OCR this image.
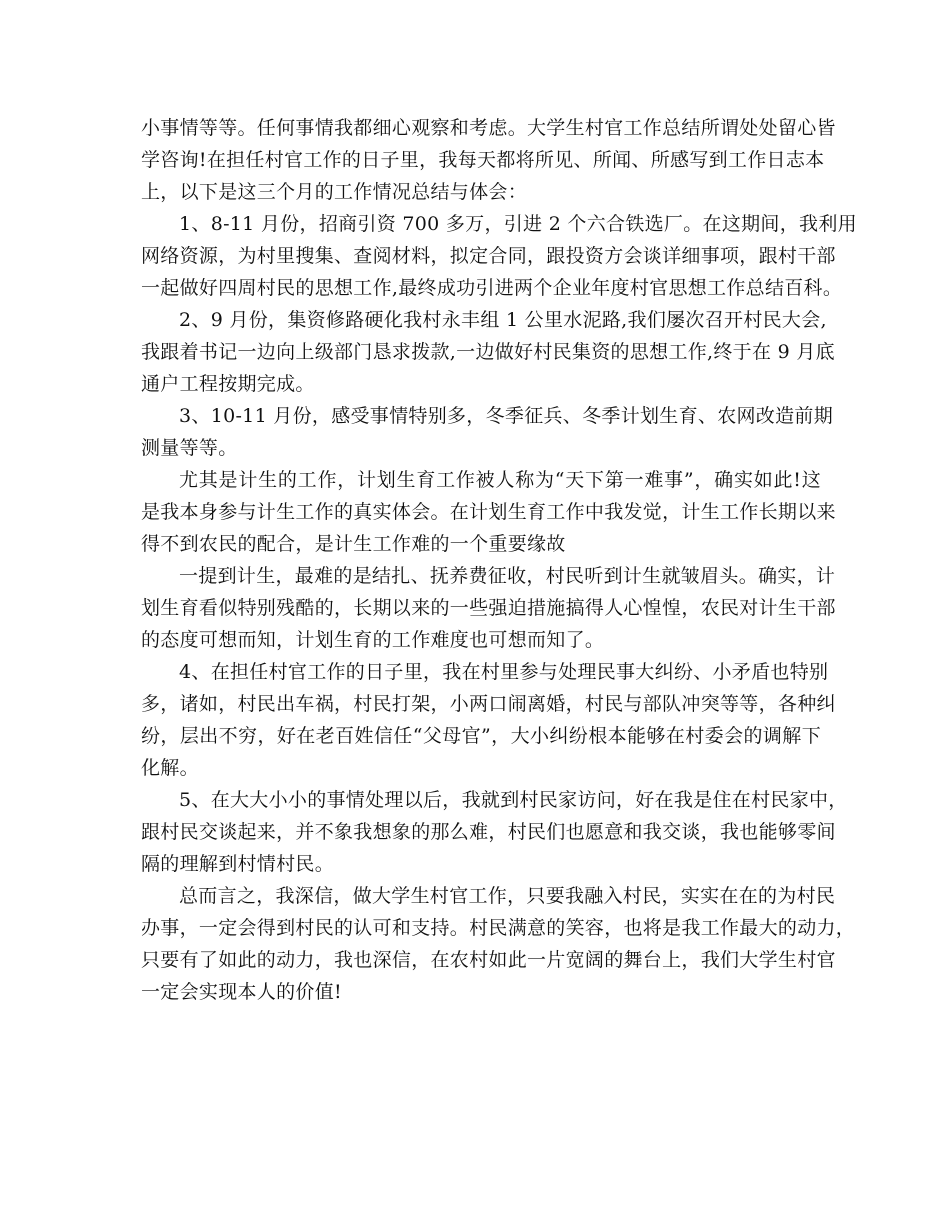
小事情等等。任何事情我都细心观察和考虑。大学生村官工作总结所谓处处留心皆
学咨询!在担任村官工作的日子里，我每天都将所见、所闻、所感写到工作日志本
上，以下是这三个月的工作情况总结与体会：
1、8-11 月份，招商引资 700 多万，引进 2 个六合铁选厂。在这期间，我利用
网络资源，为村里搜集、查阅材料，拟定合同，跟投资方会谈详细事项，跟村干部
一起做好四周村民的思想工作,最终成功引进两个企业年度村官思想工作总结百科。
2、9 月份，集资修路硬化我村永丰组 1 公里水泥路,我们屡次召开村民大会,
我跟着书记一边向上级部门恳求拨款,一边做好村民集资的思想工作,终于在 9 月底
通户工程按期完成。
3、10-11 月份，感受事情特别多，冬季征兵、冬季计划生育、农网改造前期
测量等等。
尤其是计生的工作，计划生育工作被人称为“天下第一难事”，确实如此!这
是我本身参与计生工作的真实体会。在计划生育工作中我发觉，计生工作长期以来
得不到农民的配合，是计生工作难的一个重要缘故
一提到计生，最难的是结扎、抚养费征收，村民听到计生就皱眉头。确实，计
划生育看似特别残酷的，长期以来的一些强迫措施搞得人心惶惶，农民对计生干部
的态度可想而知，计划生育的工作难度也可想而知了。
4、在担任村官工作的日子里，我在村里参与处理民事大纠纷、小矛盾也特别
多，诸如，村民出车祸，村民打架，小两口闹离婚，村民与部队冲突等等，各种纠
纷，层出不穷，好在老百姓信任“父母官”，大小纠纷根本能够在村委会的调解下
化解。
5、在大大小小的事情处理以后，我就到村民家访问，好在我是住在村民家中，
跟村民交谈起来，并不象我想象的那么难，村民们也愿意和我交谈，我也能够零间
隔的理解到村情村民。
总而言之，我深信，做大学生村官工作，只要我融入村民，实实在在的为村民
办事，一定会得到村民的认可和支持。村民满意的笑容，也将是我工作最大的动力，
只要有了如此的动力，我也深信，在农村如此一片宽阔的舞台上，我们大学生村官
一定会实现本人的价值!
